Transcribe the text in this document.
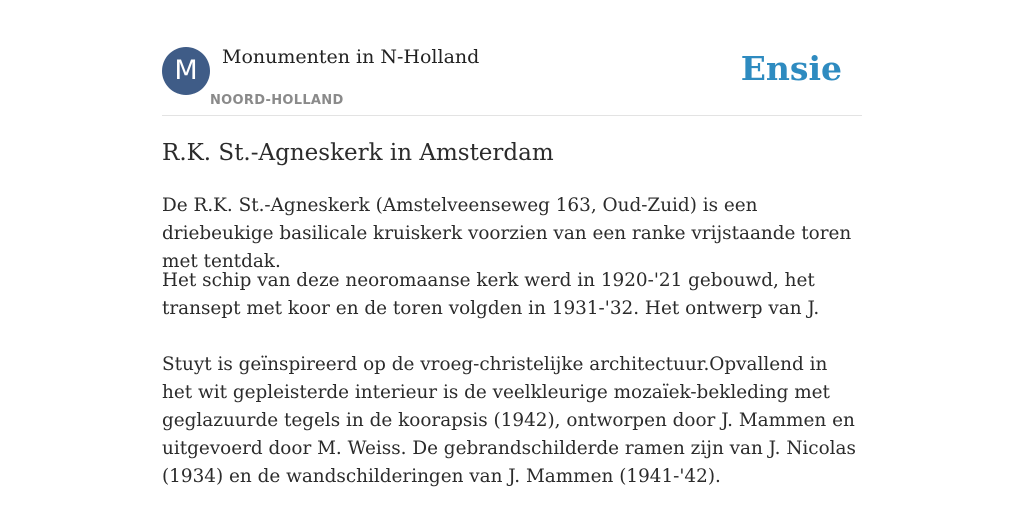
M	Monumenten in N-Holland
NOORD-HOLLAND
Ensie
R.K. St.-Agneskerk in Amsterdam

De R.K. St.-Agneskerk (Amstelveenseweg 163, Oud-Zuid) is een driebeukige basilicale kruiskerk voorzien van een ranke vrijstaande toren met tentdak.

Het schip van deze neoromaanse kerk werd in 1920-'21 gebouwd, het transept met koor en de toren volgden in 1931-'32. Het ontwerp van J.

Stuyt is geïnspireerd op de vroeg-christelijke architectuur.Opvallend in het wit gepleisterde interieur is de veelkleurige mozaïek-bekleding met geglazuurde tegels in de koorapsis (1942), ontworpen door J. Mammen en uitgevoerd door M. Weiss. De gebrandschilderde ramen zijn van J. Nicolas (1934) en de wandschilderingen van J. Mammen (1941-'42).
